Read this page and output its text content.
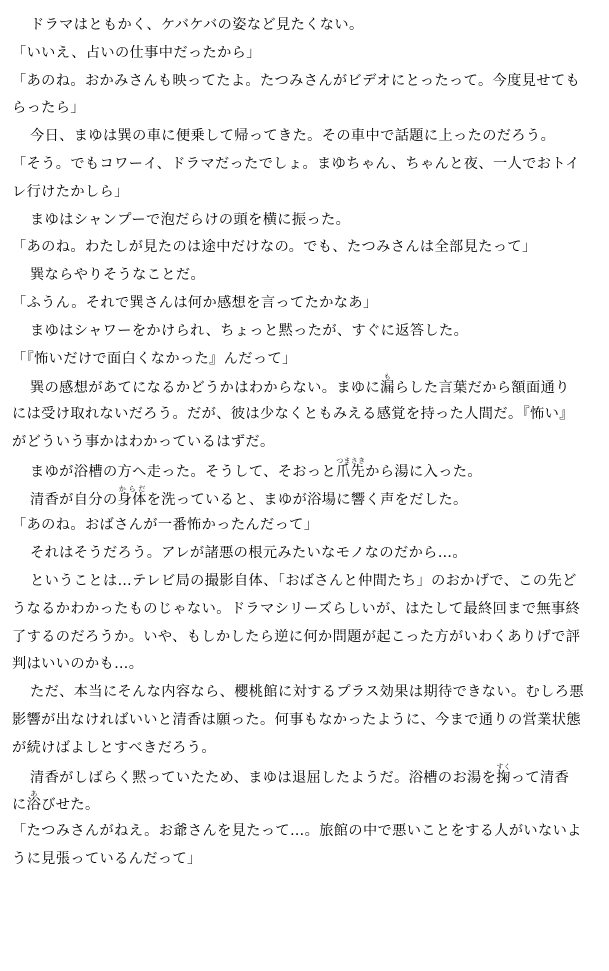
ドラマはともかく、ケバケバの姿など見たくない。
「いいえ、占いの仕事中だったから」
「あのね。おかみさんも映ってたよ。たつみさんがビデオにとったって。今度見せても
らったら」
今日、まゆは巽の車に便乗して帰ってきた。その車中で話題に上ったのだろう。
「そう。でもコワーイ、ドラマだったでしょ。まゆちゃん、ちゃんと夜、一人でおトイ
レ行けたかしら」
まゆはシャンプーで泡だらけの頭を横に振った。
「あのね。わたしが見たのは途中だけなの。でも、たつみさんは全部見たって」
巽ならやりそうなことだ。
「ふうん。それで巽さんは何か感想を言ってたかなあ」
まゆはシャワーをかけられ、ちょっと黙ったが、すぐに返答した。
「『怖いだけで面白くなかった』んだって」
巽の感想があてになるかどうかはわからない。まゆに漏もらした言葉だから額面通り
には受け取れないだろう。だが、彼は少なくともみえる感覚を持った人間だ。『怖い』
がどういう事かはわかっているはずだ。
まゆが浴槽の方へ走った。そうして、そおっと爪先つまさきから湯に入った。
清香が自分の身体からだを洗っていると、まゆが浴場に響く声をだした。
「あのね。おばさんが一番怖かったんだって」
それはそうだろう。アレが諸悪の根元みたいなモノなのだから…。
ということは…テレビ局の撮影自体、「おばさんと仲間たち」のおかげで、この先ど
うなるかわかったものじゃない。ドラマシリーズらしいが、はたして最終回まで無事終
了するのだろうか。いや、もしかしたら逆に何か問題が起こった方がいわくありげで評
判はいいのかも…。
ただ、本当にそんな内容なら、櫻桃館に対するプラス効果は期待できない。むしろ悪
影響が出なければいいと清香は願った。何事もなかったように、今まで通りの営業状態
が続けばよしとすべきだろう。
清香がしばらく黙っていたため、まゆは退屈したようだ。浴槽のお湯を掬すくって清香
に浴あびせた。
「たつみさんがねえ。お爺さんを見たって…。旅館の中で悪いことをする人がいないよ
うに見張っているんだって」
